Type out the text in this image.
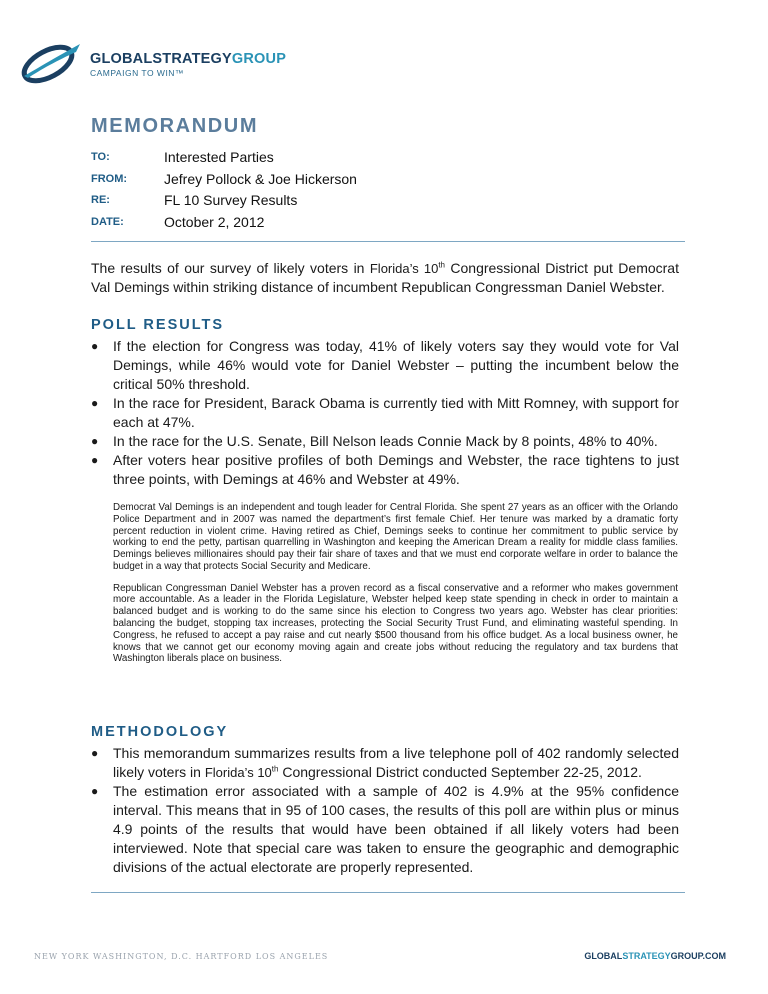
GLOBALSTRATEGYGROUP
CAMPAIGN TO WIN™
MEMORANDUM
TO:	Interested Parties
FROM:	Jefrey Pollock & Joe Hickerson
RE:	FL 10 Survey Results
DATE:	October 2, 2012
The results of our survey of likely voters in Florida’s 10th Congressional District put Democrat Val Demings within striking distance of incumbent Republican Congressman Daniel Webster.
POLL RESULTS
● If the election for Congress was today, 41% of likely voters say they would vote for Val Demings, while 46% would vote for Daniel Webster – putting the incumbent below the critical 50% threshold.
● In the race for President, Barack Obama is currently tied with Mitt Romney, with support for each at 47%.
● In the race for the U.S. Senate, Bill Nelson leads Connie Mack by 8 points, 48% to 40%.
● After voters hear positive profiles of both Demings and Webster, the race tightens to just three points, with Demings at 46% and Webster at 49%.

Democrat Val Demings is an independent and tough leader for Central Florida. She spent 27 years as an officer with the Orlando Police Department and in 2007 was named the department’s first female Chief. Her tenure was marked by a dramatic forty percent reduction in violent crime. Having retired as Chief, Demings seeks to continue her commitment to public service by working to end the petty, partisan quarrelling in Washington and keeping the American Dream a reality for middle class families. Demings believes millionaires should pay their fair share of taxes and that we must end corporate welfare in order to balance the budget in a way that protects Social Security and Medicare.

Republican Congressman Daniel Webster has a proven record as a fiscal conservative and a reformer who makes government more accountable. As a leader in the Florida Legislature, Webster helped keep state spending in check in order to maintain a balanced budget and is working to do the same since his election to Congress two years ago. Webster has clear priorities: balancing the budget, stopping tax increases, protecting the Social Security Trust Fund, and eliminating wasteful spending. In Congress, he refused to accept a pay raise and cut nearly $500 thousand from his office budget. As a local business owner, he knows that we cannot get our economy moving again and create jobs without reducing the regulatory and tax burdens that Washington liberals place on business.

METHODOLOGY
● This memorandum summarizes results from a live telephone poll of 402 randomly selected likely voters in Florida’s 10th Congressional District conducted September 22-25, 2012.
● The estimation error associated with a sample of 402 is 4.9% at the 95% confidence interval. This means that in 95 of 100 cases, the results of this poll are within plus or minus 4.9 points of the results that would have been obtained if all likely voters had been interviewed. Note that special care was taken to ensure the geographic and demographic divisions of the actual electorate are properly represented.
NEW YORK WASHINGTON, D.C. HARTFORD LOS ANGELES	GLOBALSTRATEGYGROUP.COM
